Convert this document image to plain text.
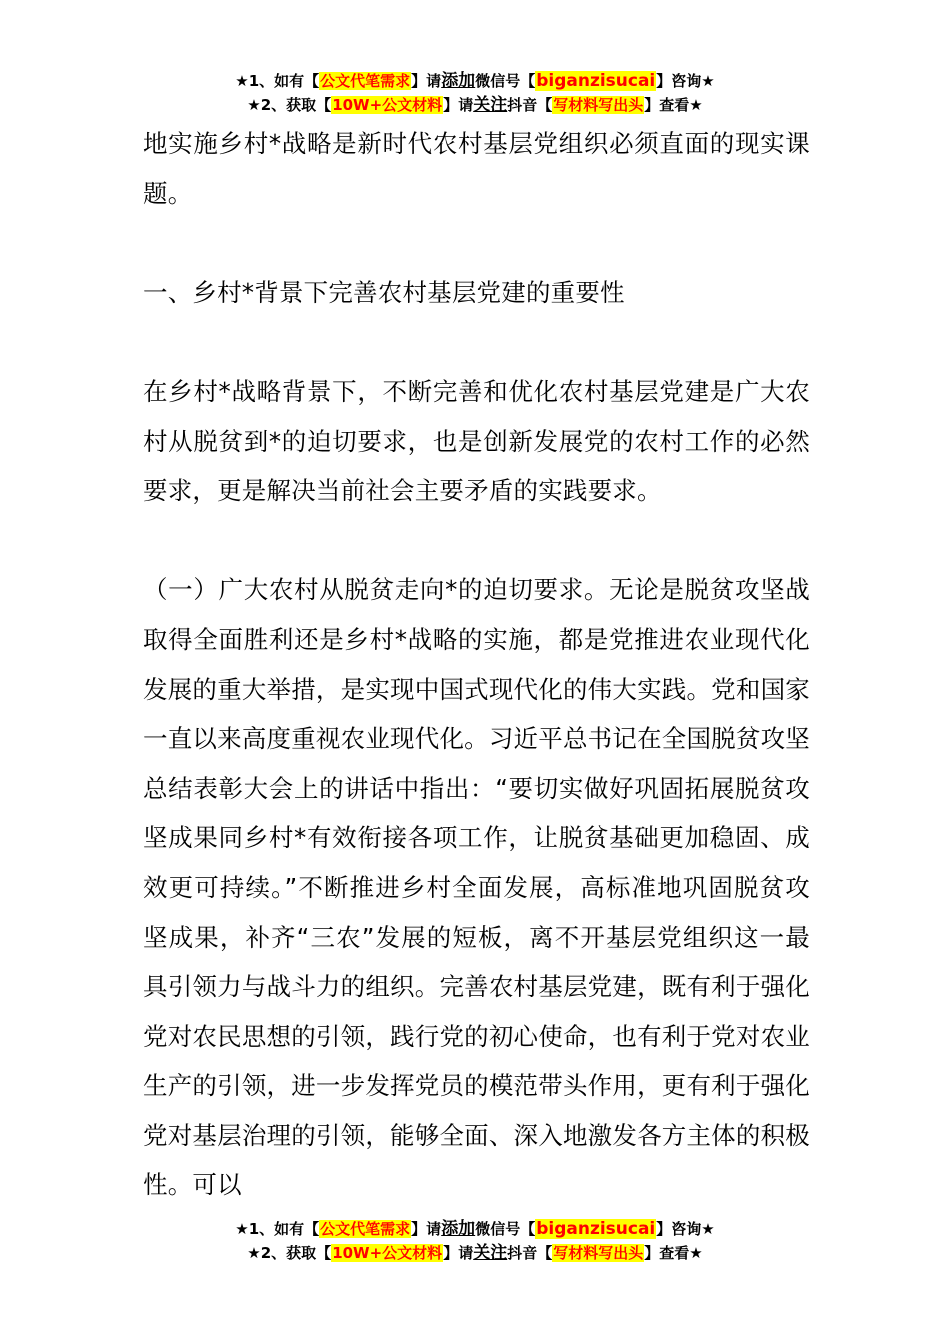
★1、如有【公文代笔需求】请添加微信号【biganzisucai】咨询★
★2、获取【10W+公文材料】请关注抖音【写材料写出头】查看★

地实施乡村*战略是新时代农村基层党组织必须直面的现实课题。

一、乡村*背景下完善农村基层党建的重要性

在乡村*战略背景下，不断完善和优化农村基层党建是广大农村从脱贫到*的迫切要求，也是创新发展党的农村工作的必然要求，更是解决当前社会主要矛盾的实践要求。

（一）广大农村从脱贫走向*的迫切要求。无论是脱贫攻坚战取得全面胜利还是乡村*战略的实施，都是党推进农业现代化发展的重大举措，是实现中国式现代化的伟大实践。党和国家一直以来高度重视农业现代化。习近平总书记在全国脱贫攻坚总结表彰大会上的讲话中指出：“要切实做好巩固拓展脱贫攻坚成果同乡村*有效衔接各项工作，让脱贫基础更加稳固、成效更可持续。”不断推进乡村全面发展，高标准地巩固脱贫攻坚成果，补齐“三农”发展的短板，离不开基层党组织这一最具引领力与战斗力的组织。完善农村基层党建，既有利于强化党对农民思想的引领，践行党的初心使命，也有利于党对农业生产的引领，进一步发挥党员的模范带头作用，更有利于强化党对基层治理的引领，能够全面、深入地激发各方主体的积极性。可以

★1、如有【公文代笔需求】请添加微信号【biganzisucai】咨询★
★2、获取【10W+公文材料】请关注抖音【写材料写出头】查看★
